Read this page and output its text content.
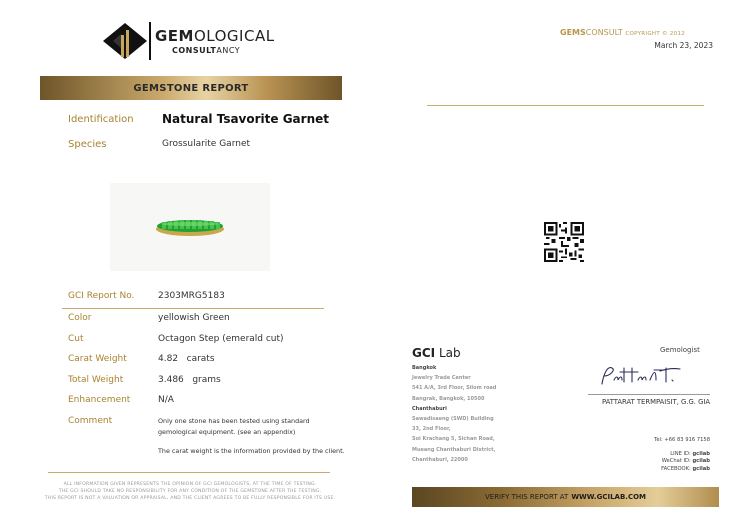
GEMOLOGICAL
CONSULTANCY
GEMSTONE REPORT
Identification Natural Tsavorite Garnet
Species	Grossularite Garnet
GCI Report No.	2303MRG5183
Color	yellowish Green
Cut	Octagon Step (emerald cut)
Carat Weight	4.82   carats
Total Weight	3.486   grams
Enhancement	N/A
Comment	Only one stone has been tested using standard
gemological equipment. (see an appendix)

The carat weight is the information provided by the client.
ALL INFORMATION GIVEN REPRESENTS THE OPINION OF GCI GEMOLOGISTS, AT THE TIME OF TESTING.
THE GCI SHOULD TAKE NO RESPONSIBILITY FOR ANY CONDITION OF THE GEMSTONE AFTER THE TESTING.
THIS REPORT IS NOT A VALUATION OR APPRAISAL, AND THE CLIENT AGREES TO BE FULLY RESPONSIBLE FOR ITS USE.
GEMSCONSULT COPYRIGHT © 2012
March 23, 2023
GCI Lab
Bangkok
Jewelry Trade Center
541 A/A, 3rd Floor, Silom road
Bangrak, Bangkok, 10500
Chanthaburi
Sawadisaeng (SWD) Building
33, 2nd Floor,
Soi Krachang 5, Sichan Road,
Mueang Chanthaburi District,
Chanthaburi, 22000
Gemologist
PATTARAT TERMPAISIT, G.G. GIA
Tel: +66 83 916 7158
LINE ID: gcilab
WeChat ID: gcilab
FACEBOOK: gcilab
VERIFY THIS REPORT AT WWW.GCILAB.COM
